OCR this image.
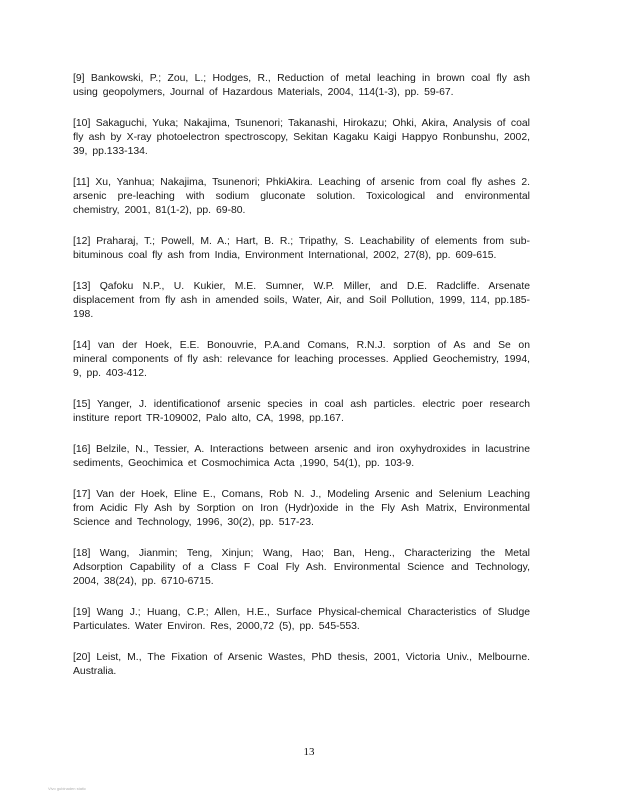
[9] Bankowski, P.; Zou, L.; Hodges, R., Reduction of metal leaching in brown coal fly ash using geopolymers, Journal of Hazardous Materials, 2004, 114(1-3), pp. 59-67.
[10] Sakaguchi, Yuka; Nakajima, Tsunenori; Takanashi, Hirokazu; Ohki, Akira, Analysis of coal fly ash by X-ray photoelectron spectroscopy, Sekitan Kagaku Kaigi Happyo Ronbunshu, 2002, 39, pp.133-134.
[11] Xu, Yanhua; Nakajima, Tsunenori; PhkiAkira. Leaching of arsenic from coal fly ashes 2. arsenic pre-leaching with sodium gluconate solution. Toxicological and environmental chemistry, 2001, 81(1-2), pp. 69-80.
[12] Praharaj, T.; Powell, M. A.; Hart, B. R.; Tripathy, S. Leachability of elements from sub-bituminous coal fly ash from India, Environment International, 2002, 27(8), pp. 609-615.
[13] Qafoku N.P., U. Kukier, M.E. Sumner, W.P. Miller, and D.E. Radcliffe. Arsenate displacement from fly ash in amended soils, Water, Air, and Soil Pollution, 1999, 114, pp.185-198.
[14] van der Hoek, E.E. Bonouvrie, P.A.and Comans, R.N.J. sorption of As and Se on mineral components of fly ash: relevance for leaching processes. Applied Geochemistry, 1994, 9, pp. 403-412.
[15] Yanger, J. identificationof arsenic species in coal ash particles. electric poer research institure report TR-109002, Palo alto, CA, 1998, pp.167.
[16] Belzile, N., Tessier, A. Interactions between arsenic and iron oxyhydroxides in lacustrine sediments, Geochimica et Cosmochimica Acta ,1990, 54(1), pp. 103-9.
[17] Van der Hoek, Eline E., Comans, Rob N. J., Modeling Arsenic and Selenium Leaching from Acidic Fly Ash by Sorption on Iron (Hydr)oxide in the Fly Ash Matrix, Environmental Science and Technology, 1996, 30(2), pp. 517-23.
[18] Wang, Jianmin; Teng, Xinjun; Wang, Hao; Ban, Heng., Characterizing the Metal Adsorption Capability of a Class F Coal Fly Ash. Environmental Science and Technology, 2004, 38(24), pp. 6710-6715.
[19] Wang J.; Huang, C.P.; Allen, H.E., Surface Physical-chemical Characteristics of Sludge Particulates. Water Environ. Res, 2000,72 (5), pp. 545-553.
[20] Leist, M., The Fixation of Arsenic Wastes, PhD thesis, 2001, Victoria Univ., Melbourne. Australia.
13
Vivo gubinaden static
